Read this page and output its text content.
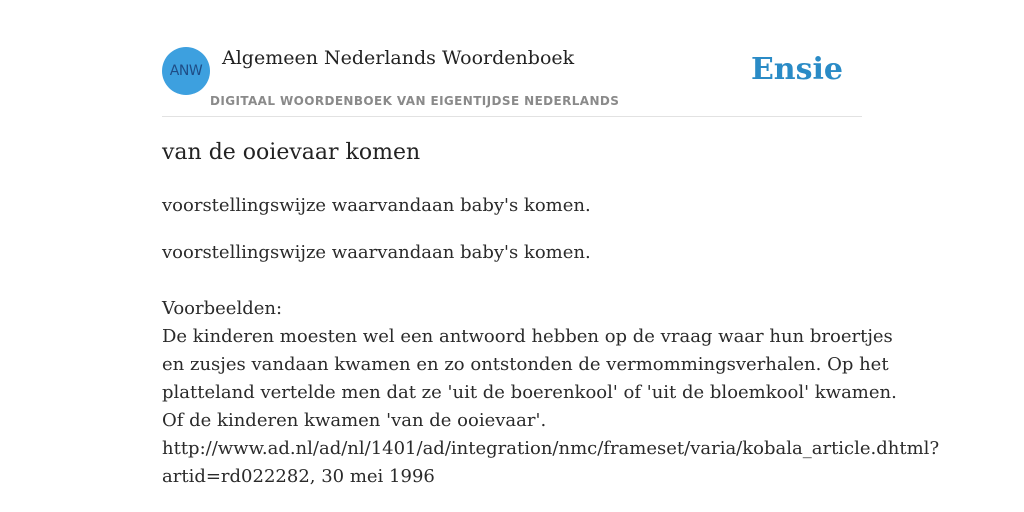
ANW
Algemeen Nederlands Woordenboek
DIGITAAL WOORDENBOEK VAN EIGENTIJDSE NEDERLANDS
Ensie
van de ooievaar komen

voorstellingswijze waarvandaan baby's komen.

voorstellingswijze waarvandaan baby's komen.

Voorbeelden:
De kinderen moesten wel een antwoord hebben op de vraag waar hun broertjes
en zusjes vandaan kwamen en zo ontstonden de vermommingsverhalen. Op het
platteland vertelde men dat ze 'uit de boerenkool' of 'uit de bloemkool' kwamen.
Of de kinderen kwamen 'van de ooievaar'.
http://www.ad.nl/ad/nl/1401/ad/integration/nmc/frameset/varia/kobala_article.dhtml?
artid=rd022282, 30 mei 1996
